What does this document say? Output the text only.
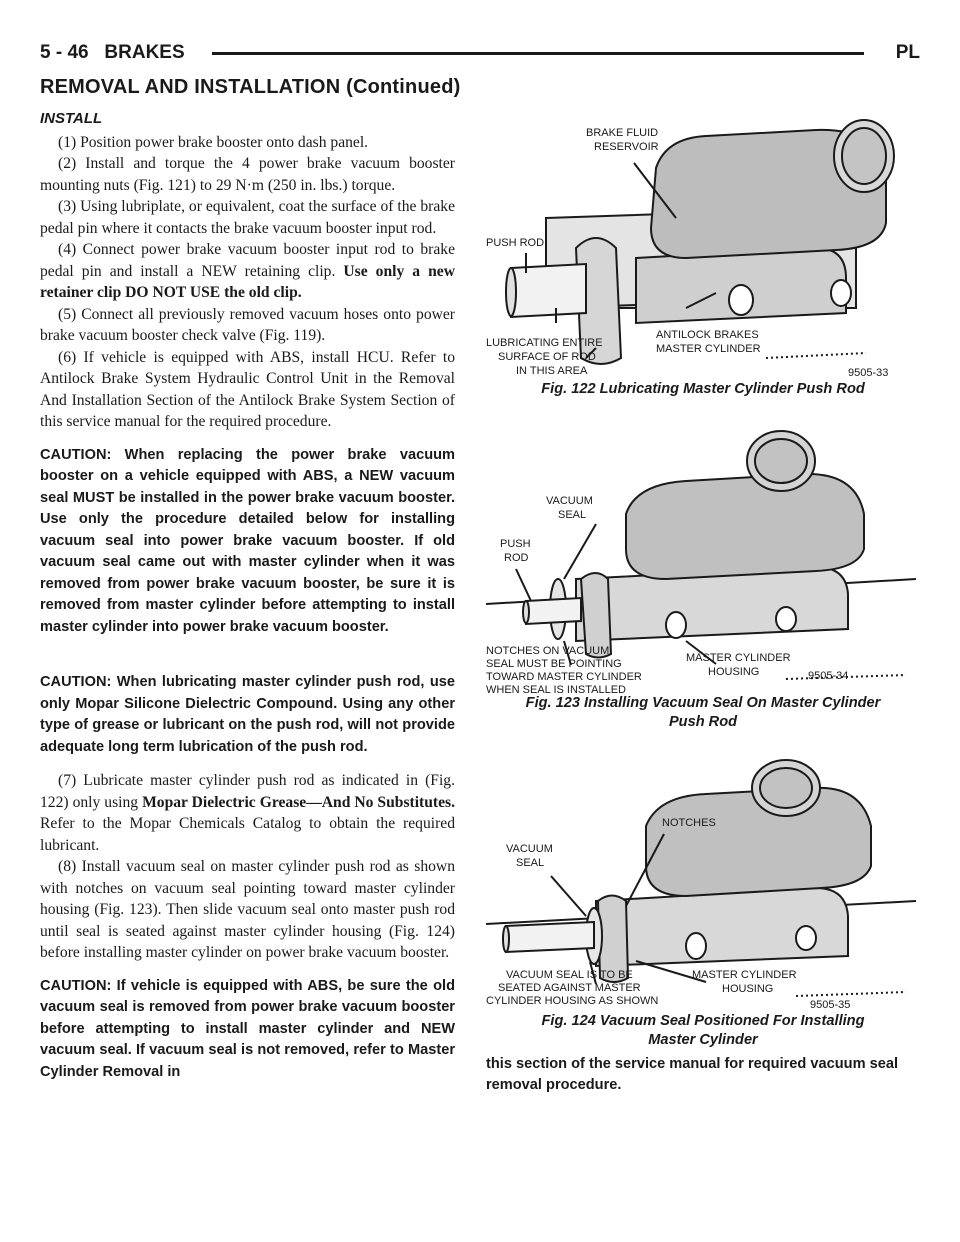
5 - 46   BRAKES	PL
REMOVAL AND INSTALLATION (Continued)
INSTALL

(1) Position power brake booster onto dash panel.

(2) Install and torque the 4 power brake vacuum booster mounting nuts (Fig. 121) to 29 N·m (250 in. lbs.) torque.

(3) Using lubriplate, or equivalent, coat the surface of the brake pedal pin where it contacts the brake vacuum booster input rod.

(4) Connect power brake vacuum booster input rod to brake pedal pin and install a NEW retaining clip. Use only a new retainer clip DO NOT USE the old clip.

(5) Connect all previously removed vacuum hoses onto power brake vacuum booster check valve (Fig. 119).

(6) If vehicle is equipped with ABS, install HCU. Refer to Antilock Brake System Hydraulic Control Unit in the Removal And Installation Section of the Antilock Brake System Section of this service manual for the required procedure.

CAUTION: When replacing the power brake vacuum booster on a vehicle equipped with ABS, a NEW vacuum seal MUST be installed in the power brake vacuum booster. Use only the procedure detailed below for installing vacuum seal into power brake vacuum booster. If old vacuum seal came out with master cylinder when it was removed from power brake vacuum booster, be sure it is removed from master cylinder before attempting to install master cylinder into power brake vacuum booster.

CAUTION: When lubricating master cylinder push rod, use only Mopar Silicone Dielectric Compound. Using any other type of grease or lubricant on the push rod, will not provide adequate long term lubrication of the push rod.

(7) Lubricate master cylinder push rod as indicated in (Fig. 122) only using Mopar Dielectric Grease—And No Substitutes. Refer to the Mopar Chemicals Catalog to obtain the required lubricant.

(8) Install vacuum seal on master cylinder push rod as shown with notches on vacuum seal pointing toward master cylinder housing (Fig. 123). Then slide vacuum seal onto master push rod until seal is seated against master cylinder housing (Fig. 124) before installing master cylinder on power brake vacuum booster.

CAUTION: If vehicle is equipped with ABS, be sure the old vacuum seal is removed from power brake vacuum booster before attempting to install master cylinder and NEW vacuum seal. If vacuum seal is not removed, refer to Master Cylinder Removal in

BRAKE FLUID
RESERVOIR
PUSH ROD
LUBRICATING ENTIRE
SURFACE OF ROD
IN THIS AREA
ANTILOCK BRAKES
MASTER CYLINDER
9505-33
Fig. 122 Lubricating Master Cylinder Push Rod
VACUUM
SEAL
PUSH
ROD
NOTCHES ON VACUUM
SEAL MUST BE POINTING
TOWARD MASTER CYLINDER
WHEN SEAL IS INSTALLED
MASTER CYLINDER
HOUSING	9505-34
Fig. 123 Installing Vacuum Seal On Master Cylinder
Push Rod
NOTCHES
VACUUM
SEAL
VACUUM SEAL IS TO BE
SEATED AGAINST MASTER
CYLINDER HOUSING AS SHOWN
MASTER CYLINDER
HOUSING
9505-35
Fig. 124 Vacuum Seal Positioned For Installing
Master Cylinder
this section of the service manual for required vacuum seal removal procedure.
